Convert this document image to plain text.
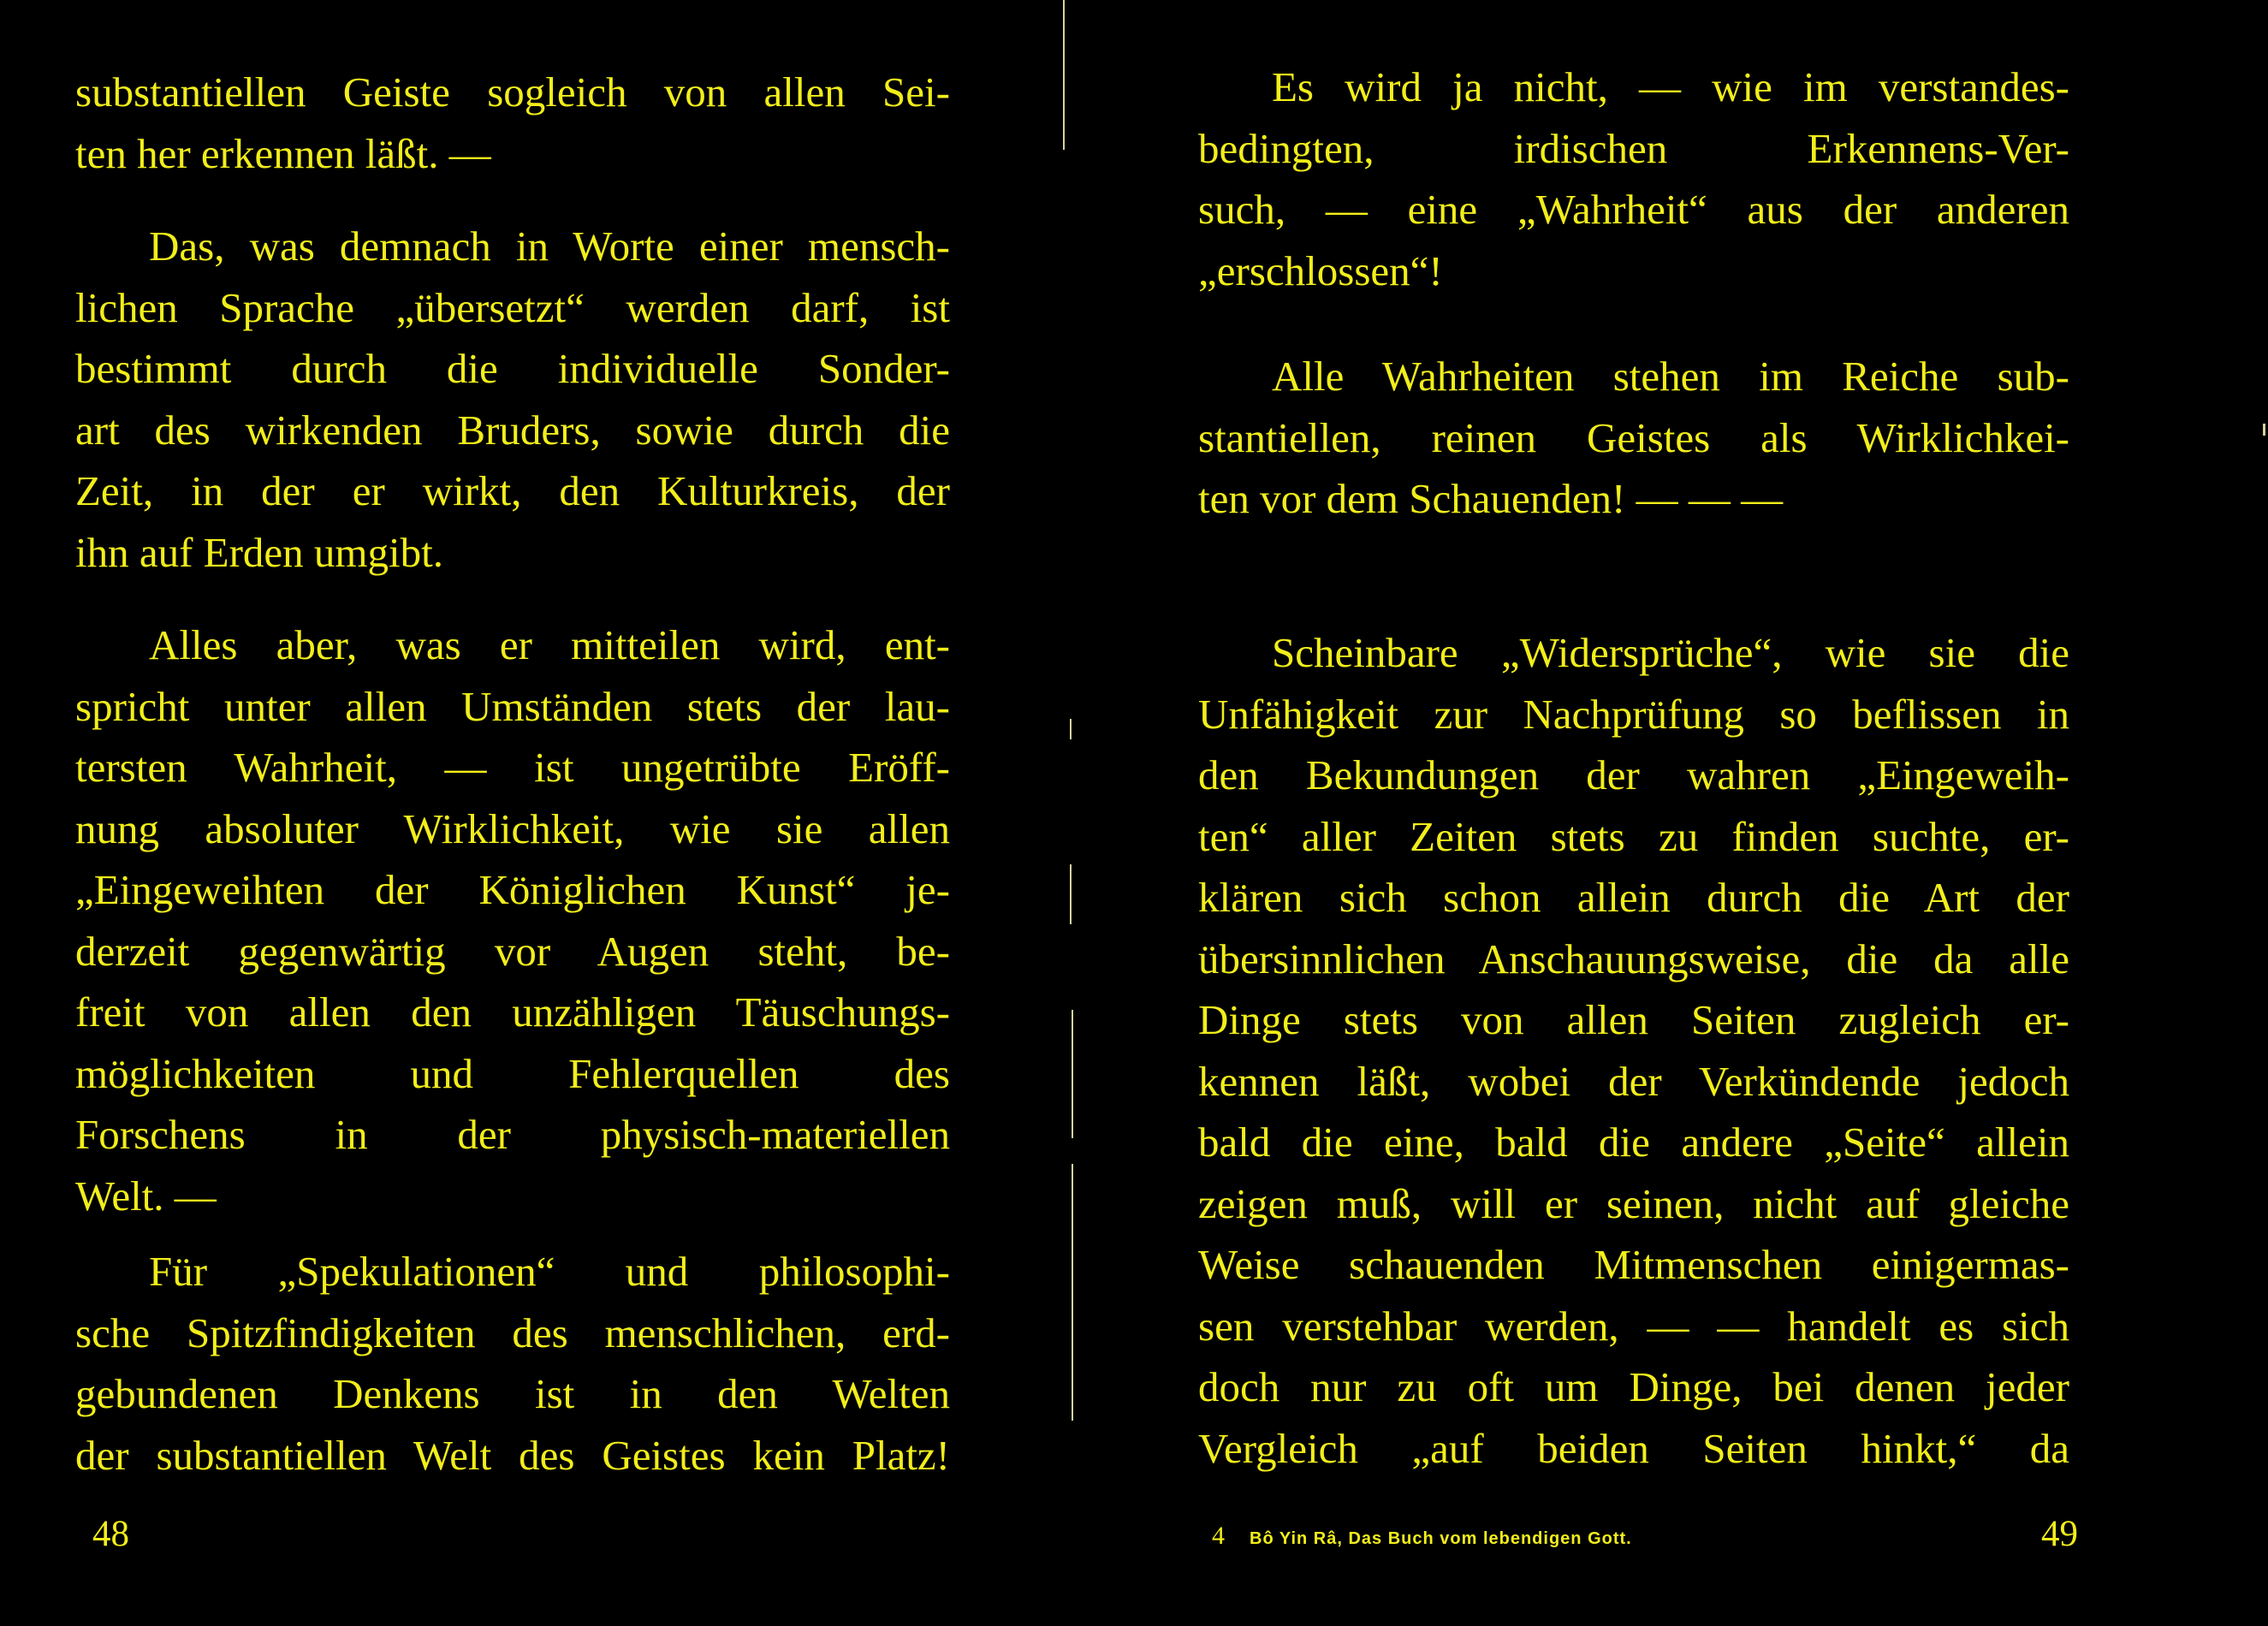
substantiellen Geiste sogleich von allen Sei-
ten her erkennen läßt. —
Das, was demnach in Worte einer mensch-
lichen Sprache „übersetzt“ werden darf, ist
bestimmt durch die individuelle Sonder-
art des wirkenden Bruders, sowie durch die
Zeit, in der er wirkt, den Kulturkreis, der
ihn auf Erden umgibt.
Alles aber, was er mitteilen wird, ent-
spricht unter allen Umständen stets der lau-
tersten Wahrheit, — ist ungetrübte Eröff-
nung absoluter Wirklichkeit, wie sie allen
„Eingeweihten der Königlichen Kunst“ je-
derzeit gegenwärtig vor Augen steht, be-
freit von allen den unzähligen Täuschungs-
möglichkeiten und Fehlerquellen des
Forschens in der physisch-materiellen
Welt. —
Für „Spekulationen“ und philosophi-
sche Spitzfindigkeiten des menschlichen, erd-
gebundenen Denkens ist in den Welten
der substantiellen Welt des Geistes kein Platz!
48
Es wird ja nicht, — wie im verstandes-
bedingten, irdischen Erkennens-Ver-
such, — eine „Wahrheit“ aus der anderen
„erschlossen“!
Alle Wahrheiten stehen im Reiche sub-
stantiellen, reinen Geistes als Wirklichkei-
ten vor dem Schauenden! — — —
Scheinbare „Widersprüche“, wie sie die
Unfähigkeit zur Nachprüfung so beflissen in
den Bekundungen der wahren „Eingeweih-
ten“ aller Zeiten stets zu finden suchte, er-
klären sich schon allein durch die Art der
übersinnlichen Anschauungsweise, die da alle
Dinge stets von allen Seiten zugleich er-
kennen läßt, wobei der Verkündende jedoch
bald die eine, bald die andere „Seite“ allein
zeigen muß, will er seinen, nicht auf gleiche
Weise schauenden Mitmenschen einigermas-
sen verstehbar werden, — — handelt es sich
doch nur zu oft um Dinge, bei denen jeder
Vergleich „auf beiden Seiten hinkt,“ da
4 Bô Yin Râ, Das Buch vom lebendigen Gott.	49
